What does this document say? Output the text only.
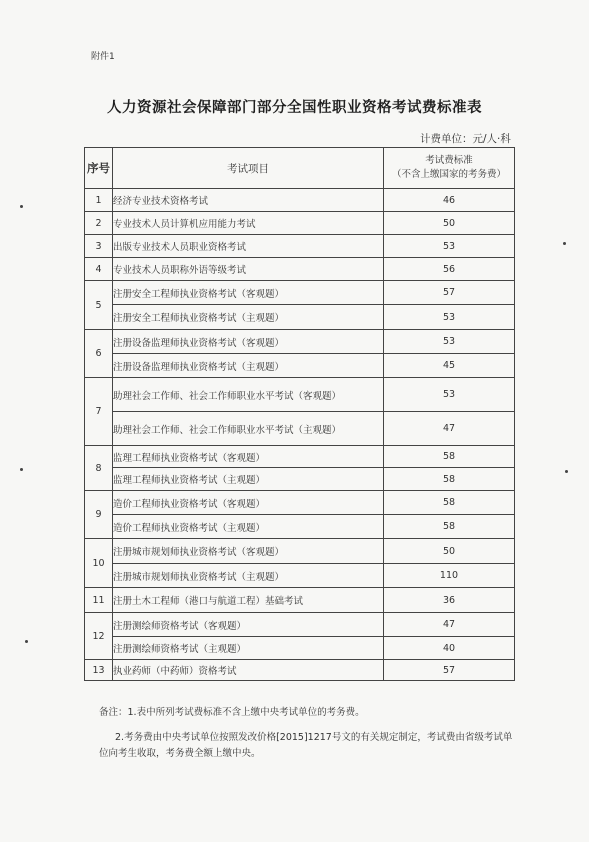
附件1
人力资源社会保障部门部分全国性职业资格考试费标准表
计费单位：元/人·科
序号	考试项目	考试费标准
（不含上缴国家的考务费）

1	经济专业技术资格考试	46
2	专业技术人员计算机应用能力考试	50
3	出版专业技术人员职业资格考试	53
4	专业技术人员职称外语等级考试	56
5	注册安全工程师执业资格考试（客观题）	57
	注册安全工程师执业资格考试（主观题）	53
6	注册设备监理师执业资格考试（客观题）	53
	注册设备监理师执业资格考试（主观题）	45
7	助理社会工作师、社会工作师职业水平考试（客观题）	53
	助理社会工作师、社会工作师职业水平考试（主观题）	47
8	监理工程师执业资格考试（客观题）	58
	监理工程师执业资格考试（主观题）	58
9	造价工程师执业资格考试（客观题）	58
	造价工程师执业资格考试（主观题）	58
10	注册城市规划师执业资格考试（客观题）	50
	注册城市规划师执业资格考试（主观题）	110
11	注册土木工程师（港口与航道工程）基础考试	36
12	注册测绘师资格考试（客观题）	47
	注册测绘师资格考试（主观题）	40
13	执业药师（中药师）资格考试	57
备注：1.表中所列考试费标准不含上缴中央考试单位的考务费。
2.考务费由中央考试单位按照发改价格[2015]1217号文的有关规定制定，考试费由省级考试单位向考生收取，考务费全额上缴中央。
